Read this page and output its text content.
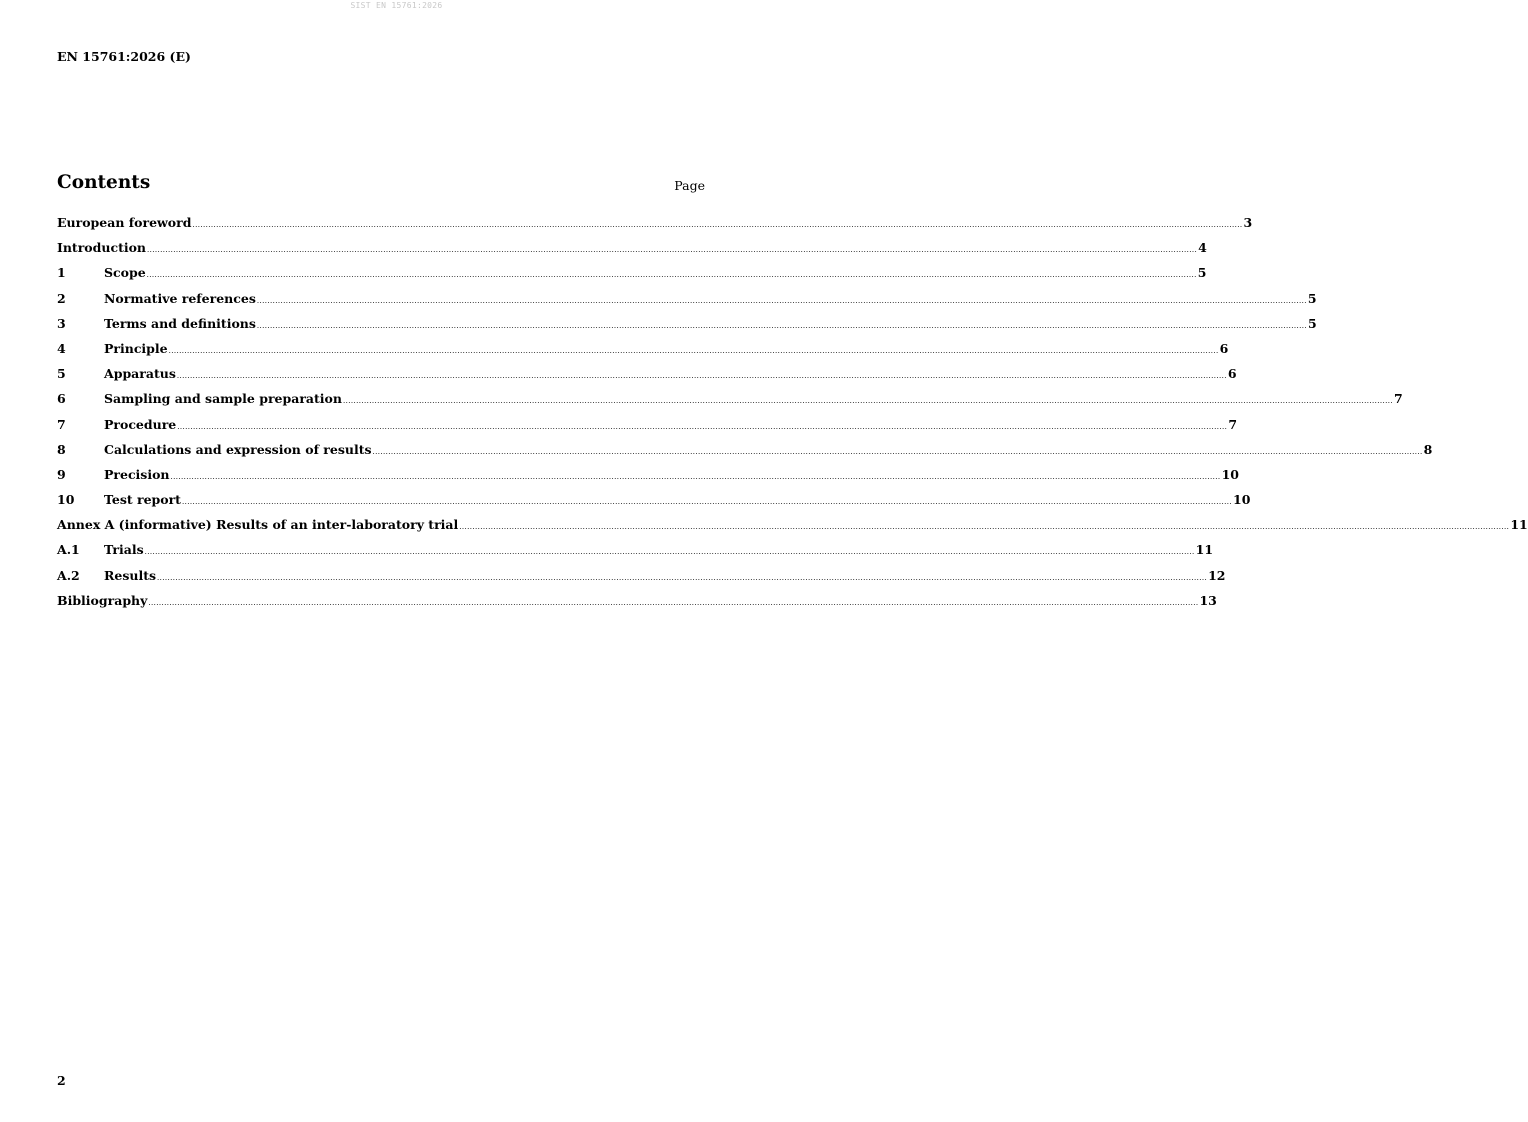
SIST EN 15761:2026
EN 15761:2026 (E)
Contents	Page
European foreword ................................................................................................................................................................................................................................................................................................................................................................................................................ 3
Introduction ................................................................................................................................................................................................................................................................................................................................................................................................................ 4
1	Scope ................................................................................................................................................................................................................................................................................................................................................................................................................ 5
2	Normative references ................................................................................................................................................................................................................................................................................................................................................................................................................ 5
3	Terms and definitions ................................................................................................................................................................................................................................................................................................................................................................................................................ 5
4	Principle ................................................................................................................................................................................................................................................................................................................................................................................................................ 6
5	Apparatus ................................................................................................................................................................................................................................................................................................................................................................................................................ 6
6	Sampling and sample preparation ................................................................................................................................................................................................................................................................................................................................................................................................................ 7
7	Procedure ................................................................................................................................................................................................................................................................................................................................................................................................................ 7
8	Calculations and expression of results ................................................................................................................................................................................................................................................................................................................................................................................................................ 8
9	Precision ................................................................................................................................................................................................................................................................................................................................................................................................................ 10
10	Test report ................................................................................................................................................................................................................................................................................................................................................................................................................ 10
Annex A (informative) Results of an inter-laboratory trial ................................................................................................................................................................................................................................................................................................................................................................................................................ 11
A.1	Trials ................................................................................................................................................................................................................................................................................................................................................................................................................ 11
A.2	Results ................................................................................................................................................................................................................................................................................................................................................................................................................ 12
Bibliography ................................................................................................................................................................................................................................................................................................................................................................................................................ 13
2
